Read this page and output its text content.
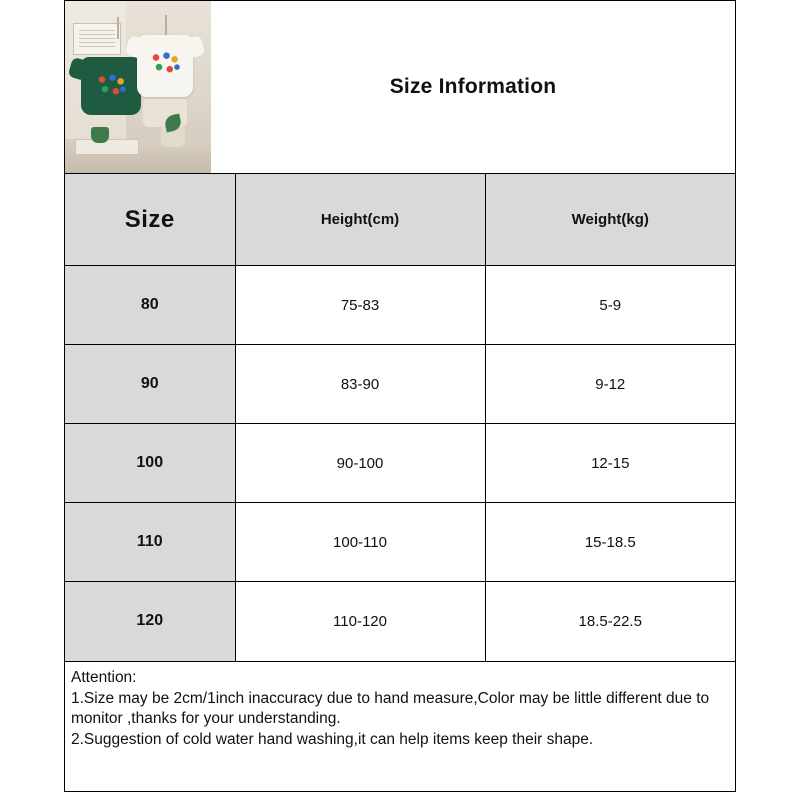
Size Information
Size	Height(cm)	Weight(kg)
80	75-83	5-9
90	83-90	9-12
100	90-100	12-15
110	100-110	15-18.5
120	110-120	18.5-22.5

Attention:

1.Size may be 2cm/1inch inaccuracy due to hand measure,Color may be little different due to monitor ,thanks for your understanding.

2.Suggestion of cold water hand washing,it can help items keep their shape.
